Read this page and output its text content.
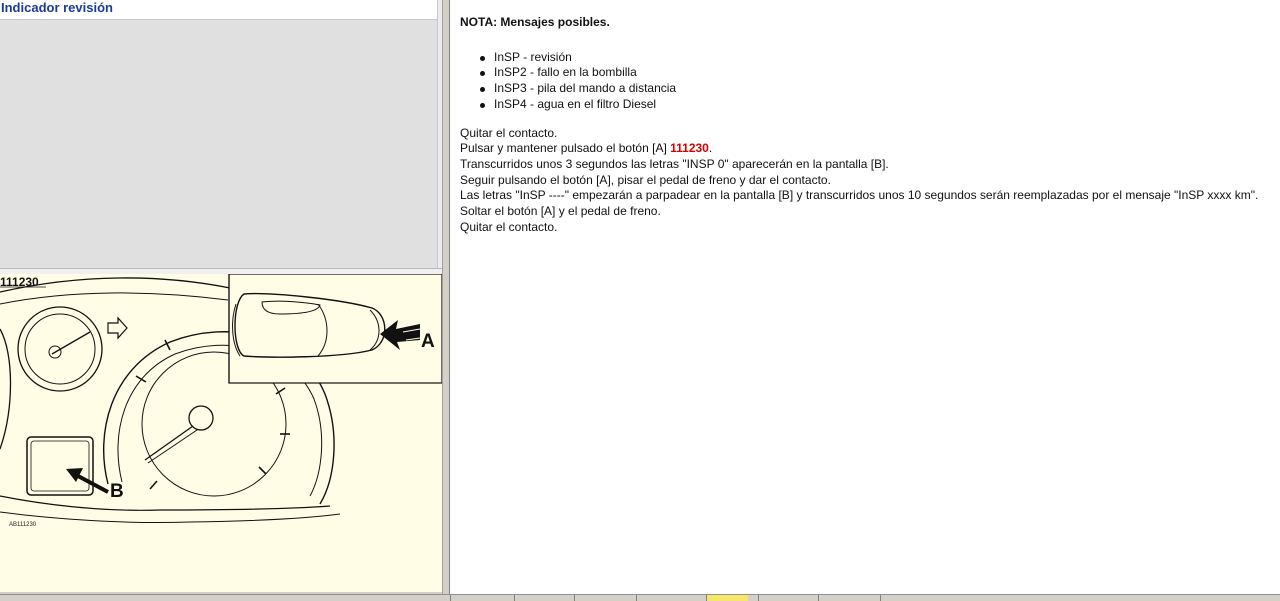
Indicador revisión
111230
AB111230
A
B
NOTA: Mensajes posibles.
InSP - revisión
InSP2 - fallo en la bombilla
InSP3 - pila del mando a distancia
InSP4 - agua en el filtro Diesel
Quitar el contacto.
Pulsar y mantener pulsado el botón [A] 111230.
Transcurridos unos 3 segundos las letras "INSP 0" aparecerán en la pantalla [B].
Seguir pulsando el botón [A], pisar el pedal de freno y dar el contacto.
Las letras "InSP ----" empezarán a parpadear en la pantalla [B] y transcurridos unos 10 segundos serán reemplazadas por el mensaje "InSP xxxx km".
Soltar el botón [A] y el pedal de freno.
Quitar el contacto.
